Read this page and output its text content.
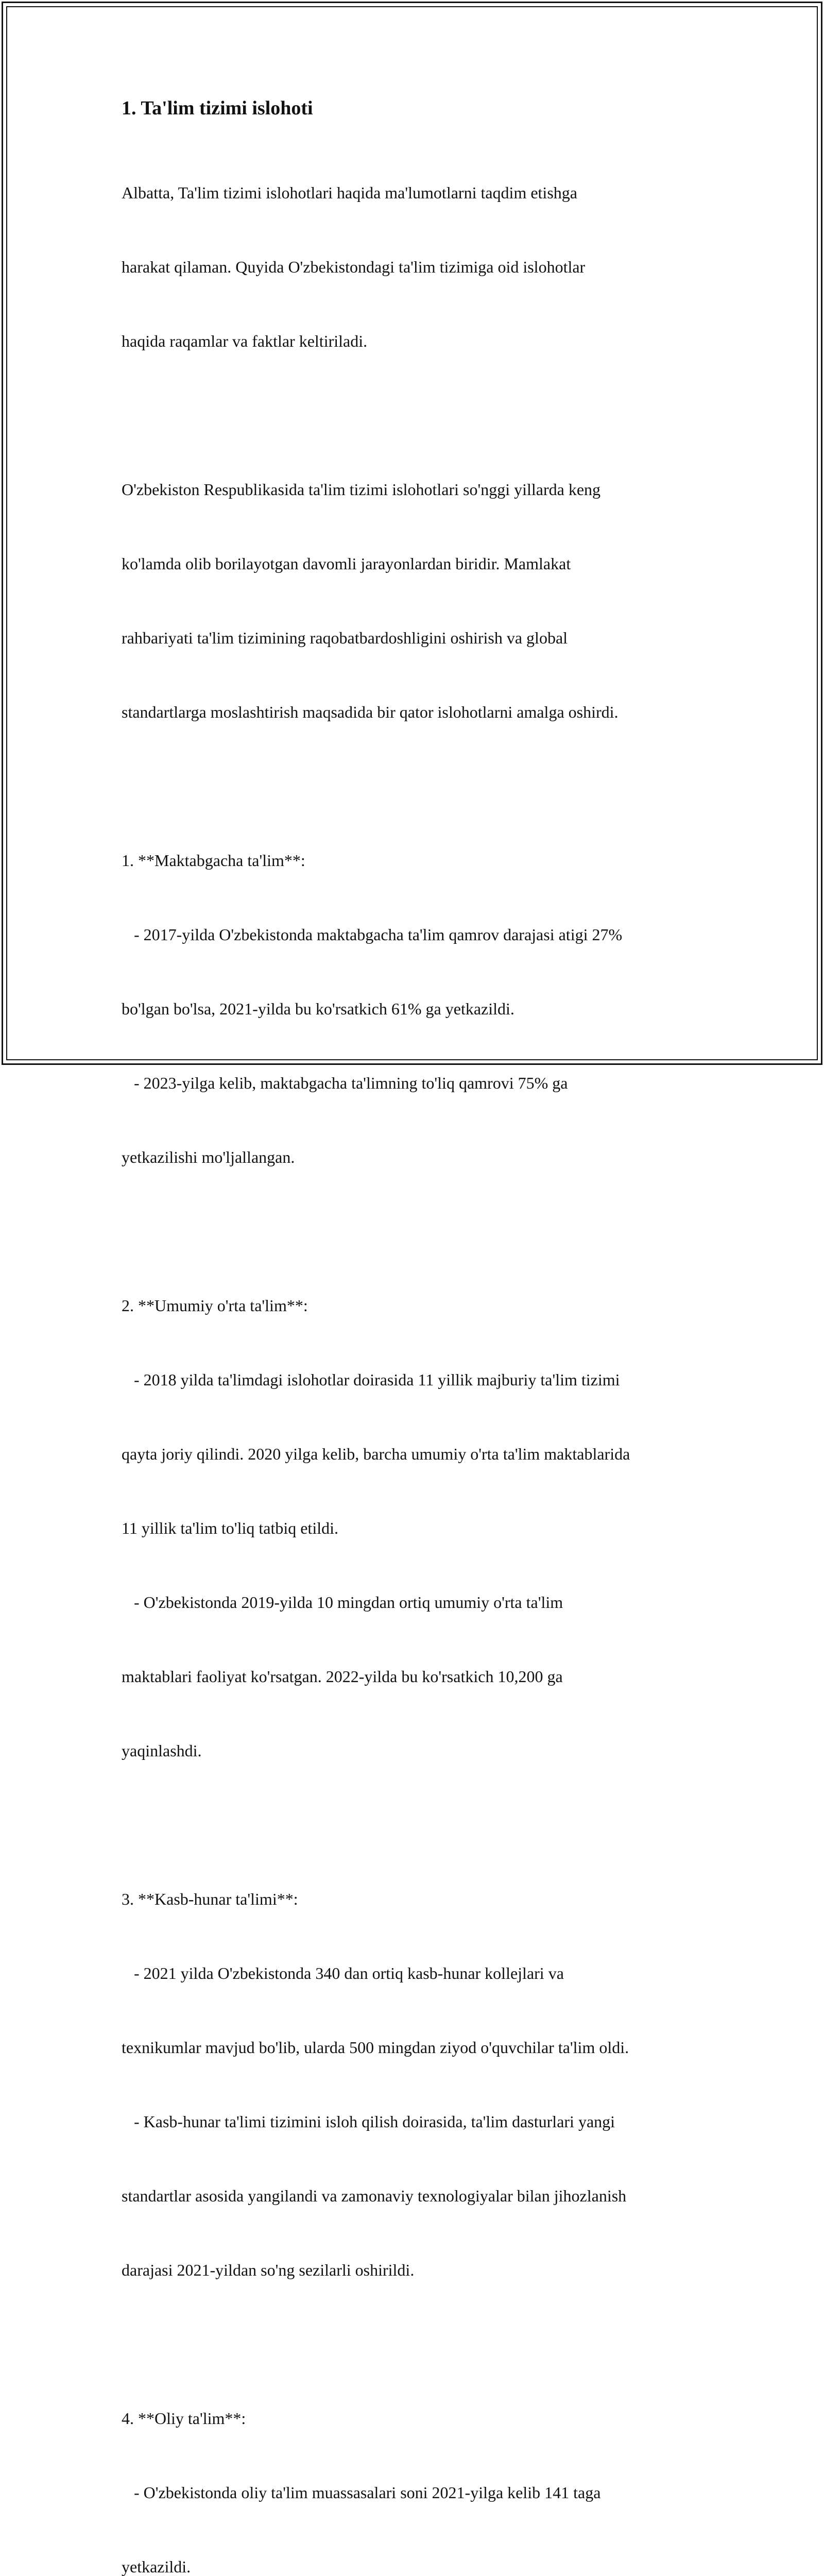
1. Ta'lim tizimi islohoti

Albatta, Ta'lim tizimi islohotlari haqida ma'lumotlarni taqdim etishga

harakat qilaman. Quyida O'zbekistondagi ta'lim tizimiga oid islohotlar

haqida raqamlar va faktlar keltiriladi.

O'zbekiston Respublikasida ta'lim tizimi islohotlari so'nggi yillarda keng

ko'lamda olib borilayotgan davomli jarayonlardan biridir. Mamlakat

rahbariyati ta'lim tizimining raqobatbardoshligini oshirish va global

standartlarga moslashtirish maqsadida bir qator islohotlarni amalga oshirdi.

1. **Maktabgacha ta'lim**:

- 2017-yilda O'zbekistonda maktabgacha ta'lim qamrov darajasi atigi 27%

bo'lgan bo'lsa, 2021-yilda bu ko'rsatkich 61% ga yetkazildi.

- 2023-yilga kelib, maktabgacha ta'limning to'liq qamrovi 75% ga

yetkazilishi mo'ljallangan.

2. **Umumiy o'rta ta'lim**:

- 2018 yilda ta'limdagi islohotlar doirasida 11 yillik majburiy ta'lim tizimi

qayta joriy qilindi. 2020 yilga kelib, barcha umumiy o'rta ta'lim maktablarida

11 yillik ta'lim to'liq tatbiq etildi.

- O'zbekistonda 2019-yilda 10 mingdan ortiq umumiy o'rta ta'lim

maktablari faoliyat ko'rsatgan. 2022-yilda bu ko'rsatkich 10,200 ga

yaqinlashdi.

3. **Kasb-hunar ta'limi**:

- 2021 yilda O'zbekistonda 340 dan ortiq kasb-hunar kollejlari va

texnikumlar mavjud bo'lib, ularda 500 mingdan ziyod o'quvchilar ta'lim oldi.

- Kasb-hunar ta'limi tizimini isloh qilish doirasida, ta'lim dasturlari yangi

standartlar asosida yangilandi va zamonaviy texnologiyalar bilan jihozlanish

darajasi 2021-yildan so'ng sezilarli oshirildi.

4. **Oliy ta'lim**:

- O'zbekistonda oliy ta'lim muassasalari soni 2021-yilga kelib 141 taga

yetkazildi.
